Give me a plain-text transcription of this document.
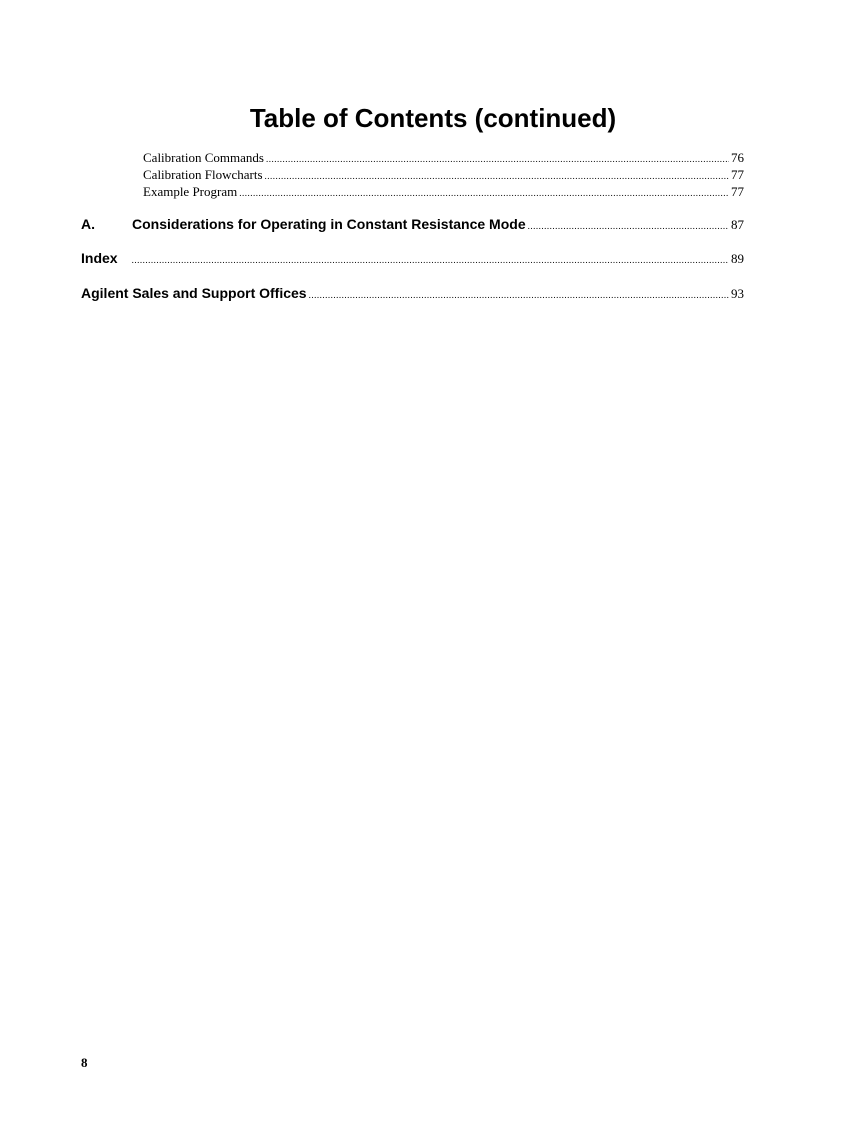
Table of Contents (continued)
Calibration Commands .....	76
Calibration Flowcharts .....	77
Example Program .....	77
A.	Considerations for Operating in Constant Resistance Mode .....	87
Index .....	89
Agilent Sales and Support Offices .....	93
8
